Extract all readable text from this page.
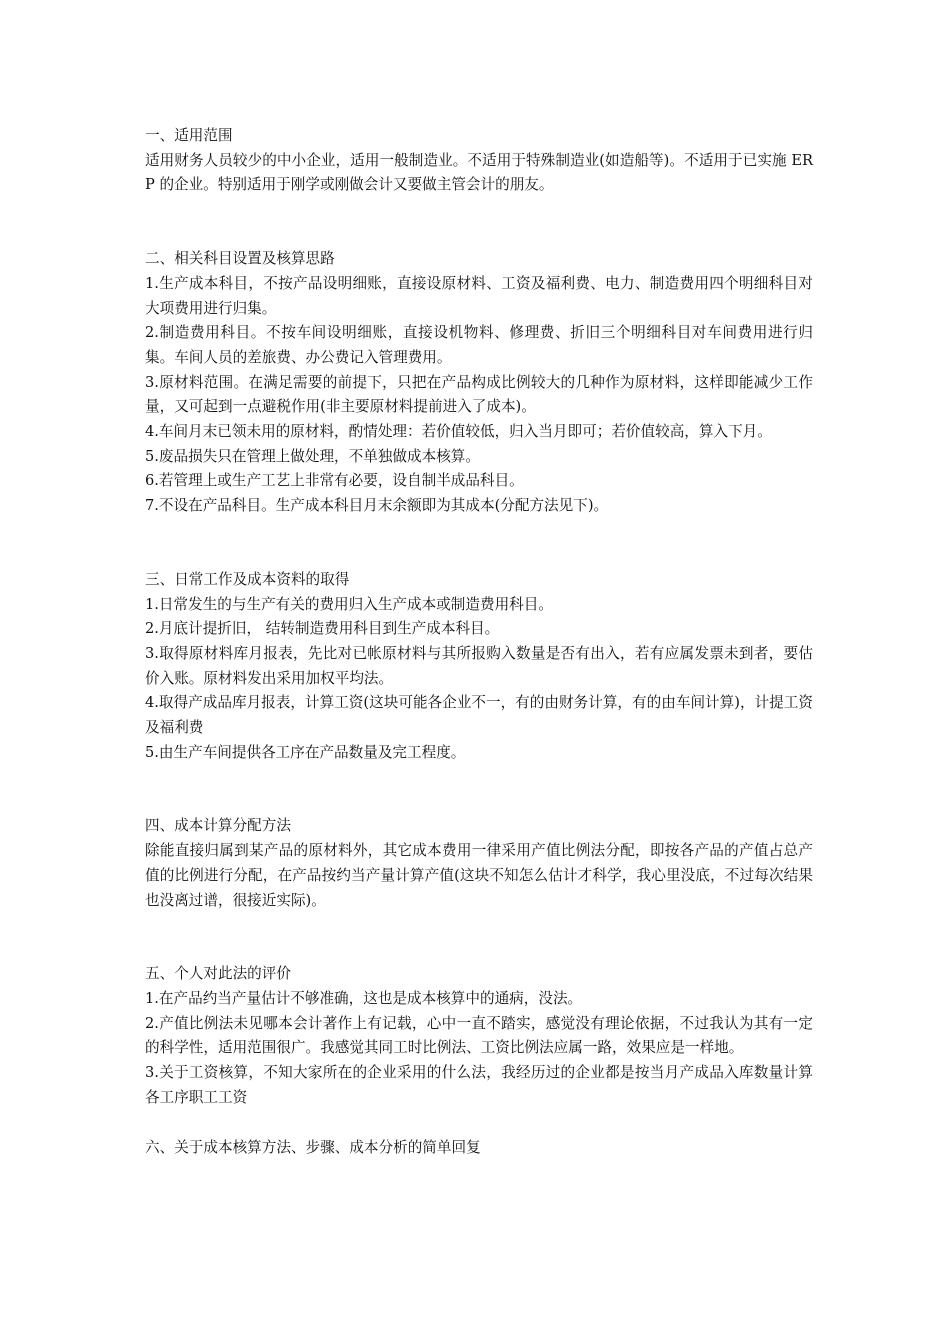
一、适用范围

适用财务人员较少的中小企业，适用一般制造业。不适用于特殊制造业(如造船等)。不适用于已实施 ERP 的企业。特别适用于刚学或刚做会计又要做主管会计的朋友。

二、相关科目设置及核算思路

1.生产成本科目，不按产品设明细账，直接设原材料、工资及福利费、电力、制造费用四个明细科目对大项费用进行归集。

2.制造费用科目。不按车间设明细账，直接设机物料、修理费、折旧三个明细科目对车间费用进行归集。车间人员的差旅费、办公费记入管理费用。

3.原材料范围。在满足需要的前提下，只把在产品构成比例较大的几种作为原材料，这样即能减少工作量，又可起到一点避税作用(非主要原材料提前进入了成本)。

4.车间月末已领未用的原材料，酌情处理：若价值较低，归入当月即可；若价值较高，算入下月。

5.废品损失只在管理上做处理，不单独做成本核算。

6.若管理上或生产工艺上非常有必要，设自制半成品科目。

7.不设在产品科目。生产成本科目月末余额即为其成本(分配方法见下)。

三、日常工作及成本资料的取得

1.日常发生的与生产有关的费用归入生产成本或制造费用科目。

2.月底计提折旧， 结转制造费用科目到生产成本科目。

3.取得原材料库月报表，先比对已帐原材料与其所报购入数量是否有出入，若有应属发票未到者，要估价入账。原材料发出采用加权平均法。

4.取得产成品库月报表，计算工资(这块可能各企业不一，有的由财务计算，有的由车间计算)，计提工资及福利费

5.由生产车间提供各工序在产品数量及完工程度。

四、成本计算分配方法

除能直接归属到某产品的原材料外，其它成本费用一律采用产值比例法分配，即按各产品的产值占总产值的比例进行分配，在产品按约当产量计算产值(这块不知怎么估计才科学，我心里没底，不过每次结果也没离过谱，很接近实际)。

五、个人对此法的评价

1.在产品约当产量估计不够准确，这也是成本核算中的通病，没法。

2.产值比例法未见哪本会计著作上有记载，心中一直不踏实，感觉没有理论依据，不过我认为其有一定的科学性，适用范围很广。我感觉其同工时比例法、工资比例法应属一路，效果应是一样地。

3.关于工资核算，不知大家所在的企业采用的什么法，我经历过的企业都是按当月产成品入库数量计算各工序职工工资

六、关于成本核算方法、步骤、成本分析的简单回复
